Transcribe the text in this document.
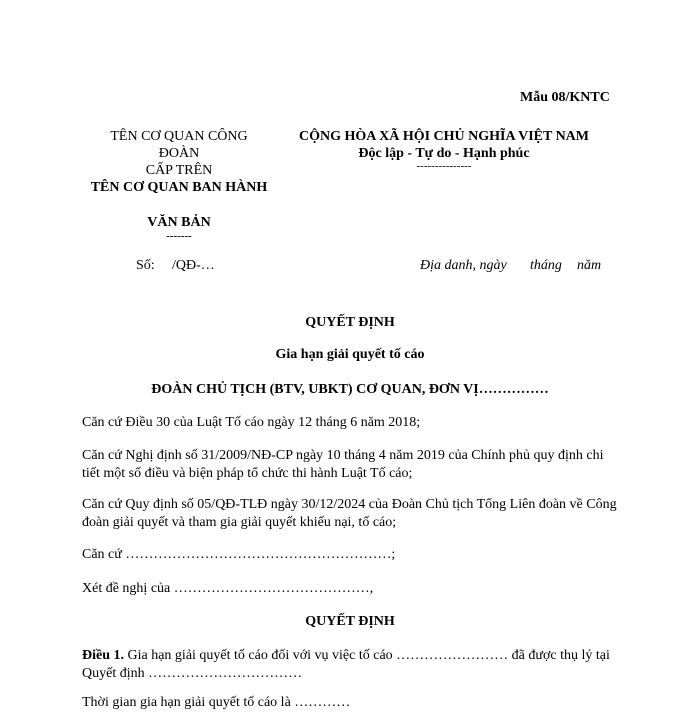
Mẫu 08/KNTC
TÊN CƠ QUAN CÔNG
ĐOÀN
CẤP TRÊN
TÊN CƠ QUAN BAN HÀNH
VĂN BẢN
-------
Số: /QĐ-…
CỘNG HÒA XÃ HỘI CHỦ NGHĨA VIỆT NAM
Độc lập - Tự do - Hạnh phúc
---------------
Địa danh, ngày tháng năm
QUYẾT ĐỊNH
Gia hạn giải quyết tố cáo
ĐOÀN CHỦ TỊCH (BTV, UBKT) CƠ QUAN, ĐƠN VỊ……………
Căn cứ Điều 30 của Luật Tố cáo ngày 12 tháng 6 năm 2018;
Căn cứ Nghị định số 31/2009/NĐ-CP ngày 10 tháng 4 năm 2019 của Chính phủ quy định chi tiết một số điều và biện pháp tổ chức thi hành Luật Tố cáo;
Căn cứ Quy định số 05/QĐ-TLĐ ngày 30/12/2024 của Đoàn Chủ tịch Tổng Liên đoàn về Công đoàn giải quyết và tham gia giải quyết khiếu nại, tố cáo;
Căn cứ …………………………………………………;
Xét đề nghị của ……………………………………,
QUYẾT ĐỊNH
Điều 1. Gia hạn giải quyết tố cáo đối với vụ việc tố cáo …………………… đã được thụ lý tại Quyết định ……………………………
Thời gian gia hạn giải quyết tố cáo là …………
